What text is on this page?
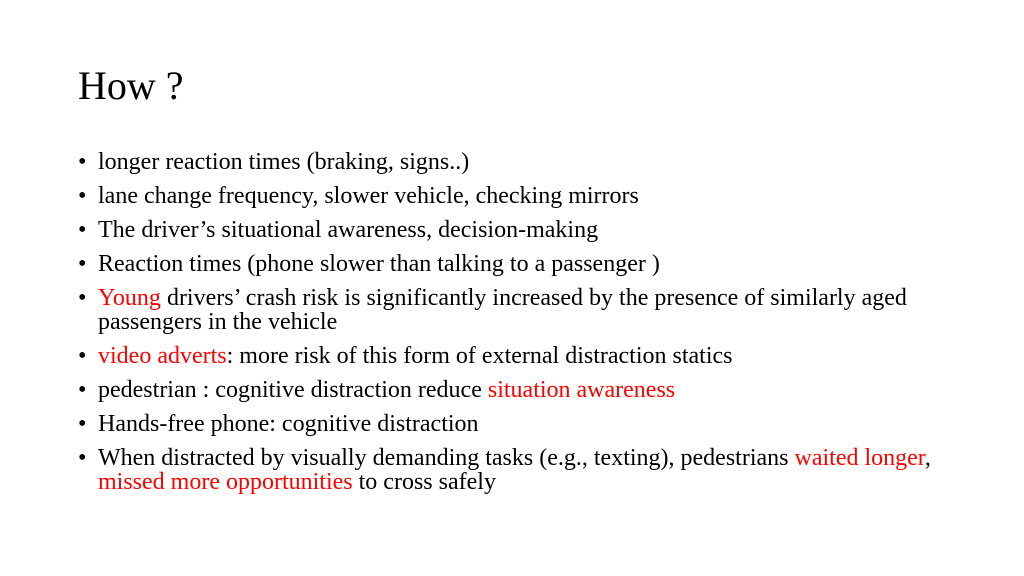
How ?
• longer reaction times (braking, signs..)
• lane change frequency, slower vehicle, checking mirrors
• The driver’s situational awareness, decision-making
• Reaction times (phone slower than talking to a passenger )
• Young drivers’ crash risk is significantly increased by the presence of similarly aged passengers in the vehicle
• video adverts: more risk of this form of external distraction statics
• pedestrian : cognitive distraction reduce situation awareness
• Hands-free phone: cognitive distraction
• When distracted by visually demanding tasks (e.g., texting), pedestrians waited longer, missed more opportunities to cross safely
